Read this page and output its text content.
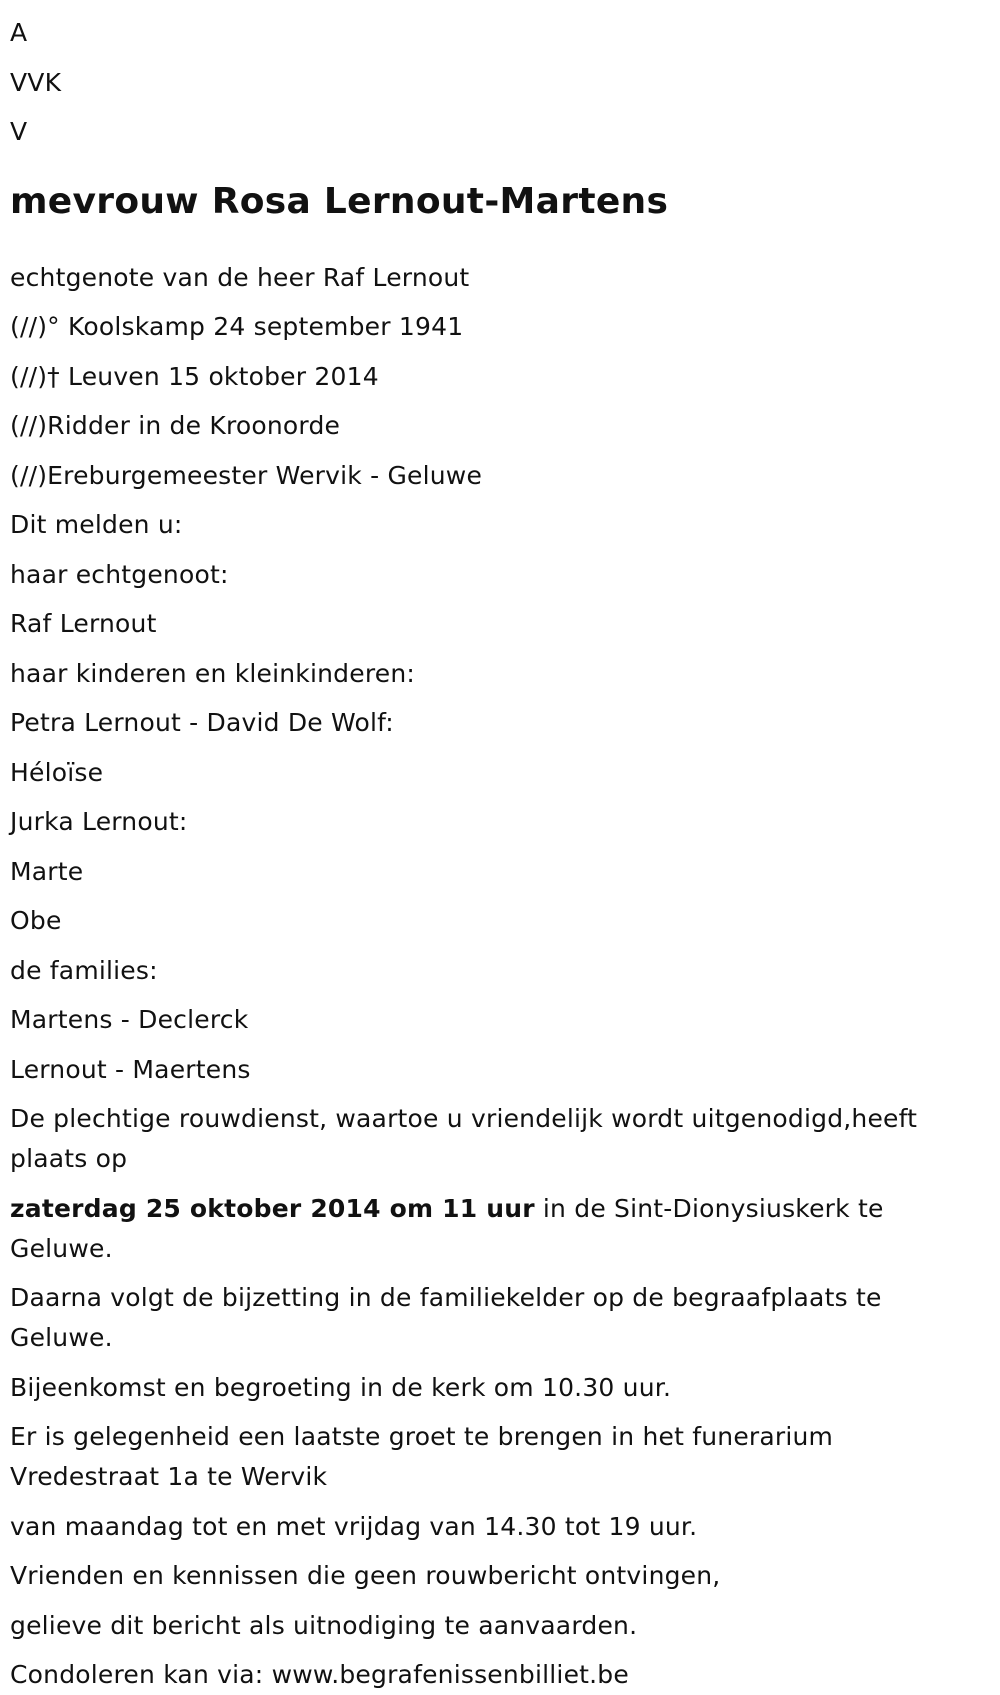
A

VVK

V

mevrouw Rosa Lernout-Martens

echtgenote van de heer Raf Lernout

(//)° Koolskamp 24 september 1941

(//)† Leuven 15 oktober 2014

(//)Ridder in de Kroonorde

(//)Ereburgemeester Wervik - Geluwe

Dit melden u:

haar echtgenoot:

Raf Lernout

haar kinderen en kleinkinderen:

Petra Lernout - David De Wolf:

Héloïse

Jurka Lernout:

Marte

Obe

de families:

Martens - Declerck

Lernout - Maertens

De plechtige rouwdienst, waartoe u vriendelijk wordt uitgenodigd,heeft plaats op

zaterdag 25 oktober 2014 om 11 uur in de Sint-Dionysiuskerk te Geluwe.

Daarna volgt de bijzetting in de familiekelder op de begraafplaats te Geluwe.

Bijeenkomst en begroeting in de kerk om 10.30 uur.

Er is gelegenheid een laatste groet te brengen in het funerarium Vredestraat 1a te Wervik

van maandag tot en met vrijdag van 14.30 tot 19 uur.

Vrienden en kennissen die geen rouwbericht ontvingen,

gelieve dit bericht als uitnodiging te aanvaarden.

Condoleren kan via: www.begrafenissenbilliet.be
